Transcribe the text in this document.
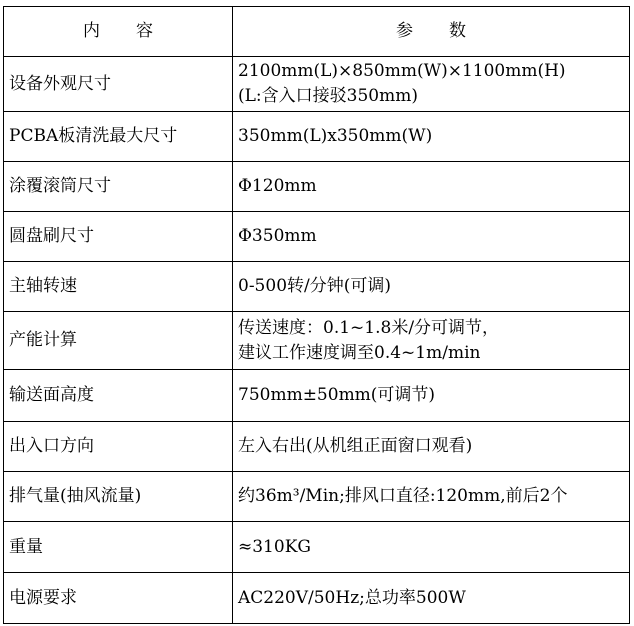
内 容	参 数
设备外观尺寸	2100mm(L)×850mm(W)×1100mm(H)
(L:含入口接驳350mm)

PCBA板清洗最大尺寸	350mm(L)x350mm(W)

涂覆滚筒尺寸	Φ120mm

圆盘刷尺寸	Φ350mm

主轴转速	0-500转/分钟(可调)

产能计算	传送速度：0.1~1.8米/分可调节，
建议工作速度调至0.4~1m/min

输送面高度	750mm±50mm(可调节)

出入口方向	左入右出(从机组正面窗口观看)

排气量(抽风流量)	约36m³/Min;排风口直径:120mm,前后2个

重量	≈310KG

电源要求	AC220V/50Hz;总功率500W
